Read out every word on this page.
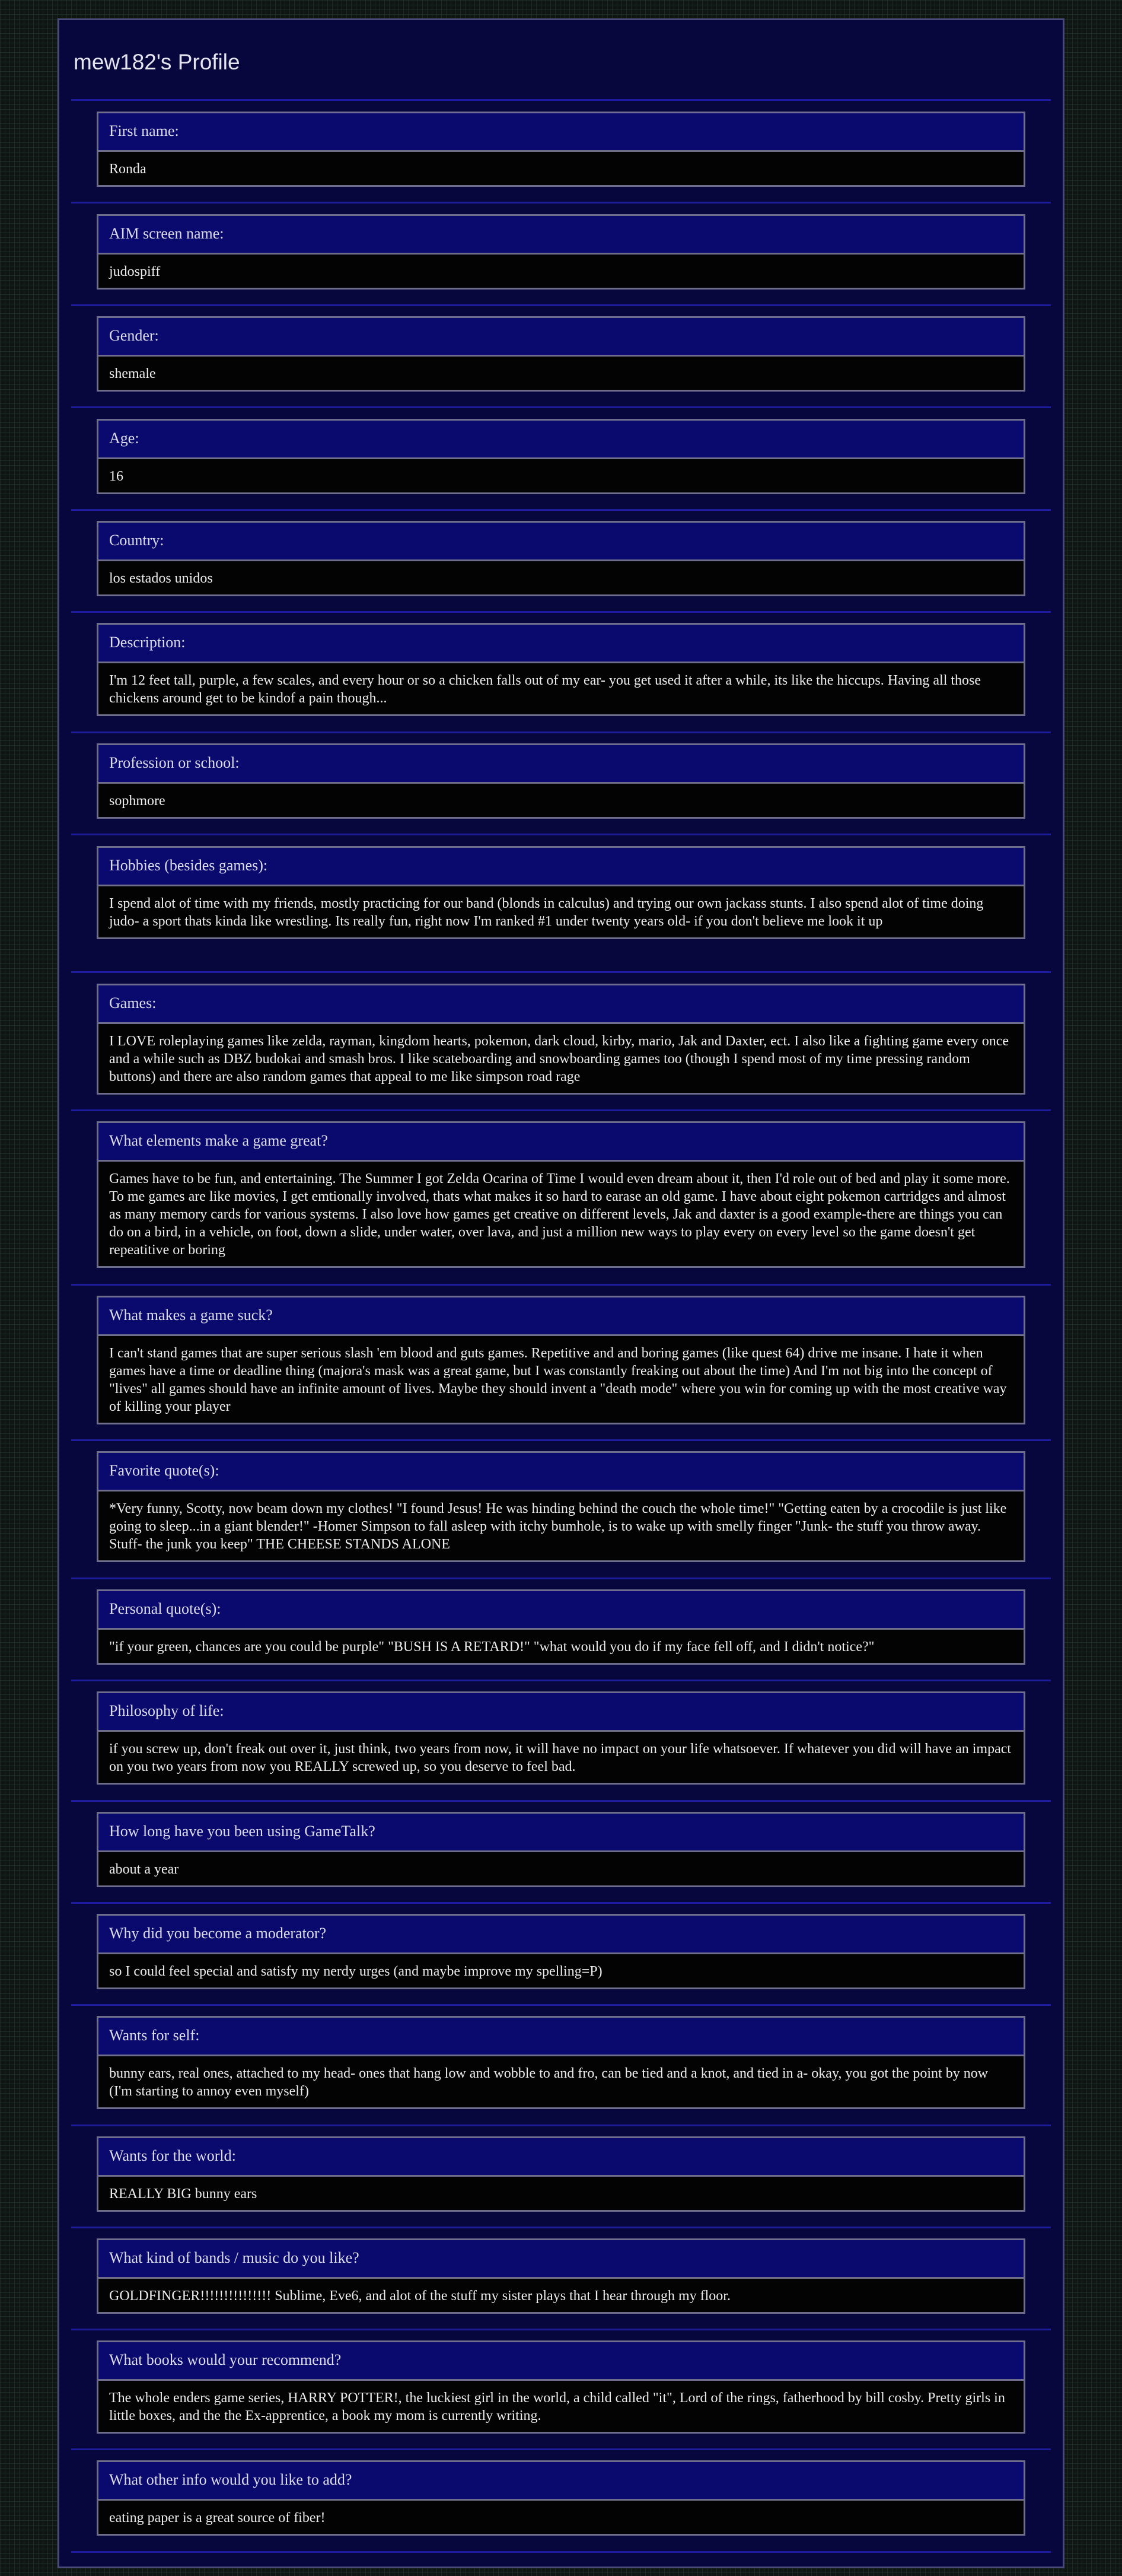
mew182's Profile
First name:
Ronda
AIM screen name:
judospiff
Gender:
shemale
Age:
16
Country:
los estados unidos
Description:
I'm 12 feet tall, purple, a few scales, and every hour or so a chicken falls out of my ear- you get used it after a while, its like the hiccups. Having all those chickens around get to be kindof a pain though...
Profession or school:
sophmore
Hobbies (besides games):
I spend alot of time with my friends, mostly practicing for our band (blonds in calculus) and trying our own jackass stunts. I also spend alot of time doing judo- a sport thats kinda like wrestling. Its really fun, right now I'm ranked #1 under twenty years old- if you don't believe me look it up
Games:
I LOVE roleplaying games like zelda, rayman, kingdom hearts, pokemon, dark cloud, kirby, mario, Jak and Daxter, ect. I also like a fighting game every once and a while such as DBZ budokai and smash bros. I like scateboarding and snowboarding games too (though I spend most of my time pressing random buttons) and there are also random games that appeal to me like simpson road rage
What elements make a game great?
Games have to be fun, and entertaining. The Summer I got Zelda Ocarina of Time I would even dream about it, then I'd role out of bed and play it some more. To me games are like movies, I get emtionally involved, thats what makes it so hard to earase an old game. I have about eight pokemon cartridges and almost as many memory cards for various systems. I also love how games get creative on different levels, Jak and daxter is a good example-there are things you can do on a bird, in a vehicle, on foot, down a slide, under water, over lava, and just a million new ways to play every on every level so the game doesn't get repeatitive or boring
What makes a game suck?
I can't stand games that are super serious slash 'em blood and guts games. Repetitive and and boring games (like quest 64) drive me insane. I hate it when games have a time or deadline thing (majora's mask was a great game, but I was constantly freaking out about the time) And I'm not big into the concept of "lives" all games should have an infinite amount of lives. Maybe they should invent a "death mode" where you win for coming up with the most creative way of killing your player
Favorite quote(s):
*Very funny, Scotty, now beam down my clothes! "I found Jesus! He was hinding behind the couch the whole time!" "Getting eaten by a crocodile is just like going to sleep...in a giant blender!" -Homer Simpson to fall asleep with itchy bumhole, is to wake up with smelly finger "Junk- the stuff you throw away. Stuff- the junk you keep" THE CHEESE STANDS ALONE
Personal quote(s):
"if your green, chances are you could be purple" "BUSH IS A RETARD!" "what would you do if my face fell off, and I didn't notice?"
Philosophy of life:
if you screw up, don't freak out over it, just think, two years from now, it will have no impact on your life whatsoever. If whatever you did will have an impact on you two years from now you REALLY screwed up, so you deserve to feel bad.
How long have you been using GameTalk?
about a year
Why did you become a moderator?
so I could feel special and satisfy my nerdy urges (and maybe improve my spelling=P)
Wants for self:
bunny ears, real ones, attached to my head- ones that hang low and wobble to and fro, can be tied and a knot, and tied in a- okay, you got the point by now (I'm starting to annoy even myself)
Wants for the world:
REALLY BIG bunny ears
What kind of bands / music do you like?
GOLDFINGER!!!!!!!!!!!!!!! Sublime, Eve6, and alot of the stuff my sister plays that I hear through my floor.
What books would your recommend?
The whole enders game series, HARRY POTTER!, the luckiest girl in the world, a child called "it", Lord of the rings, fatherhood by bill cosby. Pretty girls in little boxes, and the the Ex-apprentice, a book my mom is currently writing.
What other info would you like to add?
eating paper is a great source of fiber!
